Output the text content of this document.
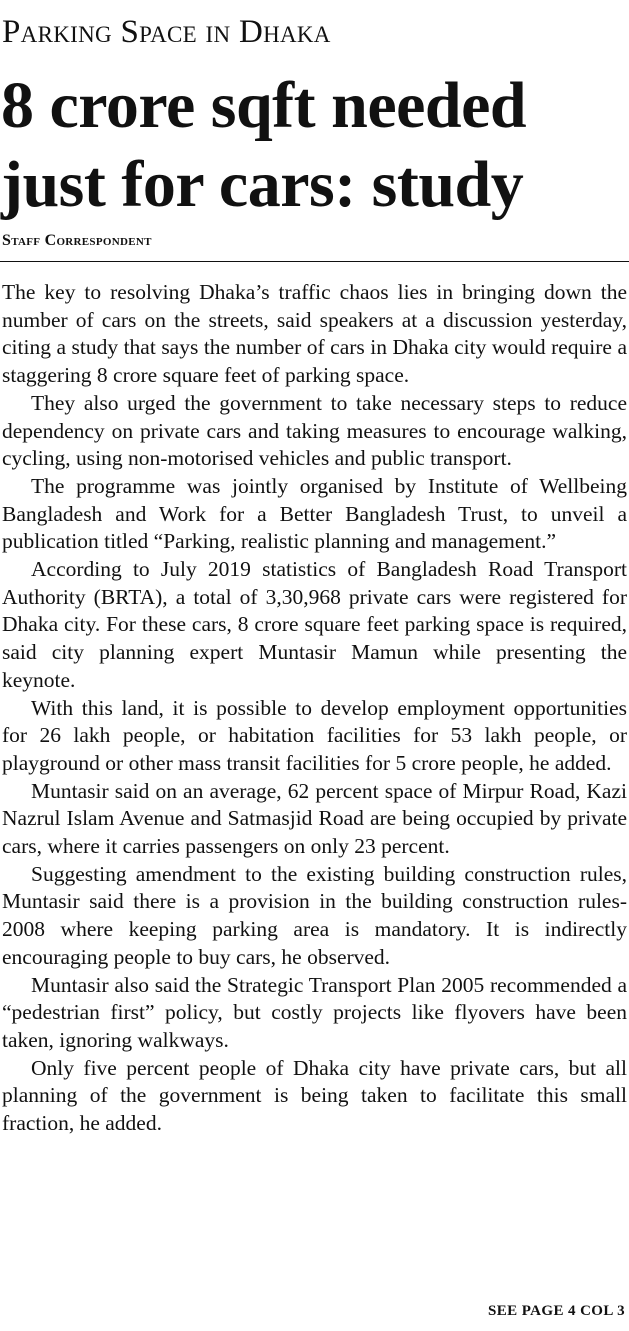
Parking Space in Dhaka
8 crore sqft needed
just for cars: study
Staff Correspondent

The key to resolving Dhaka’s traffic chaos lies in bringing down the number of cars on the streets, said speakers at a discussion yesterday, citing a study that says the number of cars in Dhaka city would require a staggering 8 crore square feet of parking space.

They also urged the government to take necessary steps to reduce dependency on private cars and taking measures to encourage walking, cycling, using non-motorised vehicles and public transport.

The programme was jointly organised by Institute of Wellbeing Bangladesh and Work for a Better Bangladesh Trust, to unveil a publication titled “Parking, realistic planning and management.”

According to July 2019 statistics of Bangladesh Road Transport Authority (BRTA), a total of 3,30,968 private cars were registered for Dhaka city. For these cars, 8 crore square feet parking space is required, said city planning expert Muntasir Mamun while presenting the keynote.

With this land, it is possible to develop employment opportunities for 26 lakh people, or habitation facilities for 53 lakh people, or playground or other mass transit facilities for 5 crore people, he added.

Muntasir said on an average, 62 percent space of Mirpur Road, Kazi Nazrul Islam Avenue and Satmasjid Road are being occupied by private cars, where it carries passengers on only 23 percent.

Suggesting amendment to the existing building construction rules, Muntasir said there is a provision in the building construction rules-2008 where keeping parking area is mandatory. It is indirectly encouraging people to buy cars, he observed.

Muntasir also said the Strategic Transport Plan 2005 recommended a “pedestrian first” policy, but costly projects like flyovers have been taken, ignoring walkways.

Only five percent people of Dhaka city have private cars, but all planning of the government is being taken to facilitate this small fraction, he added.

SEE PAGE 4 COL 3
